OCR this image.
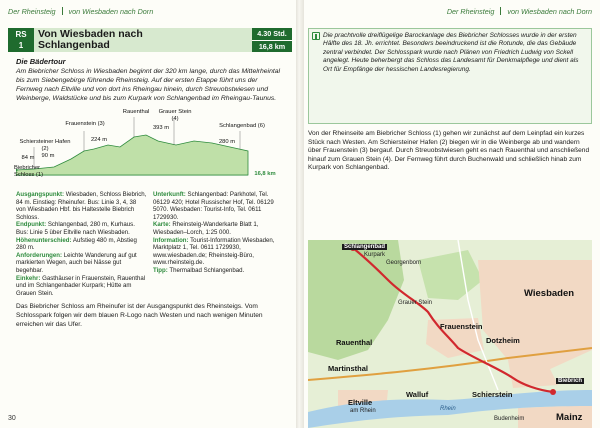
Der Rheinsteig von Wiesbaden nach Dorn
RS
1
Von Wiesbaden nach
Schlangenbad
4.30 Std.
16,8 km
Die Bädertour
Am Biebricher Schloss in Wiesbaden beginnt der 320 km lange, durch das Mittelrheintal bis zum Siebengebirge führende Rheinsteig. Auf der ersten Etappe führt uns der Fernweg nach Eltville und von dort ins Rheingau hinein, durch Streuobstwiesen und Weinberge, Waldstücke und bis zum Kurpark von Schlangenbad im Rheingau-Taunus.
Biebricher Schloss (1)
Schiersteiner Hafen (2)
Frauenstein (3)
Rauenthal	Grauer Stein (4)
Schlangenbad (6)
16,8 km
84 m	90 m
224 m
393 m
280 m
Ausgangspunkt: Wiesbaden, Schloss Biebrich, 84 m. Einstieg: Rheinufer. Bus: Linie 3, 4, 38 von Wiesbaden Hbf. bis Haltestelle Biebrich Schloss.
Endpunkt: Schlangenbad, 280 m, Kurhaus. Bus: Linie 5 über Eltville nach Wiesbaden.
Höhenunterschied: Aufstieg 480 m, Abstieg 280 m.
Anforderungen: Leichte Wanderung auf gut markierten Wegen, auch bei Nässe gut begehbar.
Einkehr: Gasthäuser in Frauenstein, Rauenthal und im Schlangenbader Kurpark; Hütte am Grauen Stein.
Unterkunft: Schlangenbad: Parkhotel, Tel. 06129 420; Hotel Russischer Hof, Tel. 06129 5070. Wiesbaden: Tourist-Info, Tel. 0611 1729930.
Karte: Rheinsteig-Wanderkarte Blatt 1, Wiesbaden–Lorch, 1:25 000.
Information: Tourist-Information Wiesbaden, Marktplatz 1, Tel. 0611 1729930, www.wiesbaden.de; Rheinsteig-Büro, www.rheinsteig.de.
Tipp: Thermalbad Schlangenbad.
Das Biebricher Schloss am Rheinufer ist der Ausgangspunkt des Rheinsteigs. Vom Schlosspark folgen wir dem blauen R-Logo nach Westen und nach wenigen Minuten erreichen wir das Ufer.
30
Der Rheinsteig von Wiesbaden nach Dorn
Die prachtvolle dreiflügelige Barockanlage des Biebricher Schlosses wurde in der ersten Hälfte des 18. Jh. errichtet. Besonders beeindruckend ist die Rotunde, die das Gebäude zentral verbindet. Der Schlosspark wurde nach Plänen von Friedrich Ludwig von Sckell angelegt. Heute beherbergt das Schloss das Landesamt für Denkmalpflege und dient als Ort für Empfänge der hessischen Landesregierung.
Von der Rheinseite am Biebricher Schloss (1) gehen wir zunächst auf dem Leinpfad ein kurzes Stück nach Westen. Am Schiersteiner Hafen (2) biegen wir in die Weinberge ab und wandern über Frauenstein (3) bergauf. Durch Streuobstwiesen geht es nach Rauenthal und anschließend hinauf zum Grauen Stein (4). Der Fernweg führt durch Buchenwald und schließlich hinab zum Kurpark von Schlangenbad.
Schlangenbad
Georgenborn
Grauer Stein
Frauenstein
Rauenthal
Martinsthal
Dotzheim
Wiesbaden
Schierstein
Walluf
Eltville
am Rhein
Biebrich
Mainz
Budenheim
Rhein
Kurpark
